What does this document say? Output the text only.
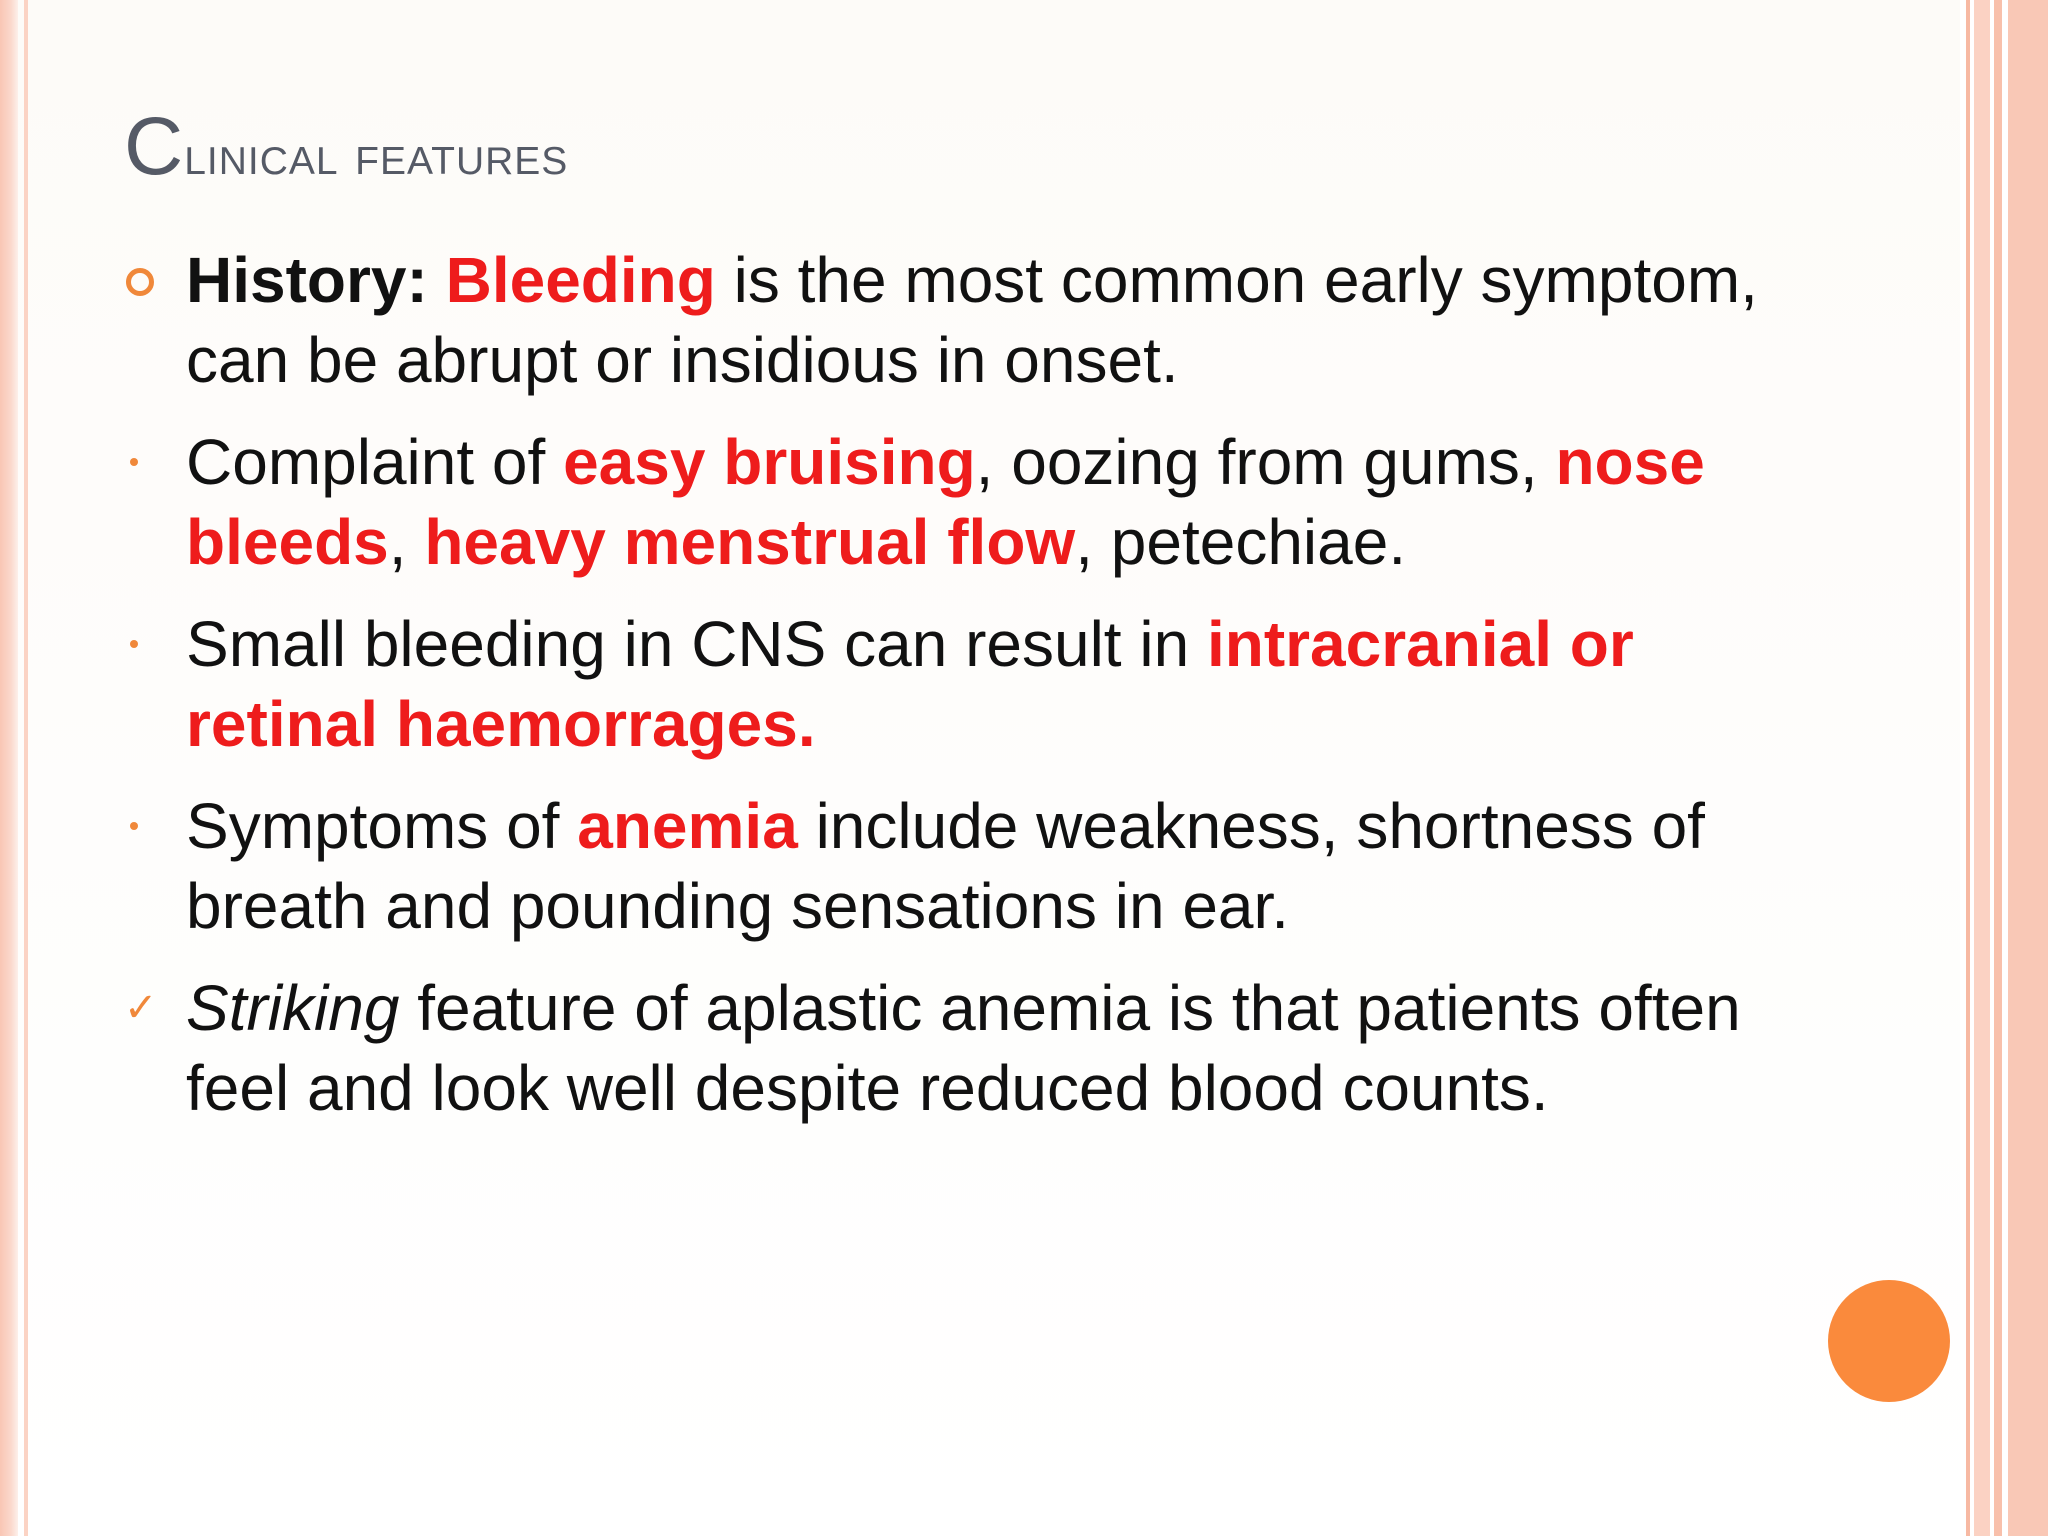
Clinical features
History: Bleeding is the most common early symptom, can be abrupt or insidious in onset.
Complaint of easy bruising, oozing from gums, nose bleeds, heavy menstrual flow, petechiae.
Small bleeding in CNS can result in intracranial or retinal haemorrages.
Symptoms of anemia include weakness, shortness of breath and pounding sensations in ear.
✓ Striking feature of aplastic anemia is that patients often feel and look well despite reduced blood counts.
